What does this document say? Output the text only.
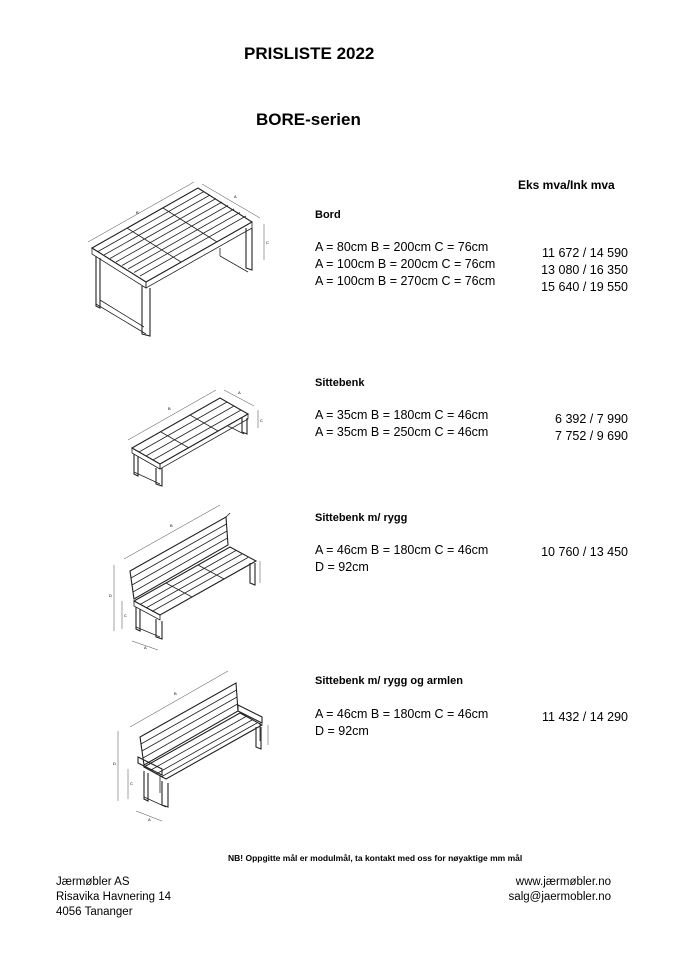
PRISLISTE 2022
BORE-serien
Eks mva/Ink mva
B
A
C
Bord
A = 80cm B = 200cm C = 76cm
A = 100cm B = 200cm C = 76cm
A = 100cm B = 270cm C = 76cm
11 672 / 14 590
13 080 / 16 350
15 640 / 19 550
B
A
C
Sittebenk
A = 35cm B = 180cm C = 46cm
A = 35cm B = 250cm C = 46cm
6 392 / 7 990
7 752 / 9 690
B
D
C
A
Sittebenk m/ rygg
A = 46cm B = 180cm C = 46cm
D = 92cm
10 760 / 13 450
B
D
C
A
Sittebenk m/ rygg og armlen
A = 46cm B = 180cm C = 46cm
D = 92cm
11 432 / 14 290
NB! Oppgitte mål er modulmål, ta kontakt med oss for nøyaktige mm mål
Jærmøbler AS
Risavika Havnering 14
4056 Tananger
www.jærmøbler.no
salg@jaermobler.no
